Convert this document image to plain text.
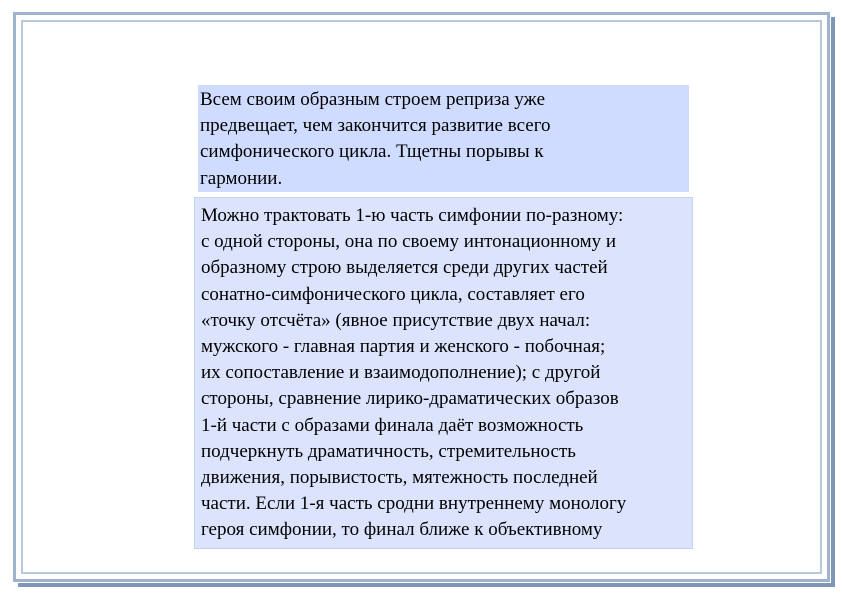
Всем своим образным строем реприза уже
предвещает, чем закончится развитие всего
симфонического цикла. Тщетны порывы к
гармонии.
Можно трактовать 1-ю часть симфонии по-разному:
с одной стороны, она по своему интонационному и
образному строю выделяется среди других частей
сонатно-симфонического цикла, составляет его
«точку отсчёта» (явное присутствие двух начал:
мужского - главная партия и женского - побочная;
их сопоставление и взаимодополнение); с другой
стороны, сравнение лирико-драматических образов
1-й части с образами финала даёт возможность
подчеркнуть драматичность, стремительность
движения, порывистость, мятежность последней
части. Если 1-я часть сродни внутреннему монологу
героя симфонии, то финал ближе к объективному
